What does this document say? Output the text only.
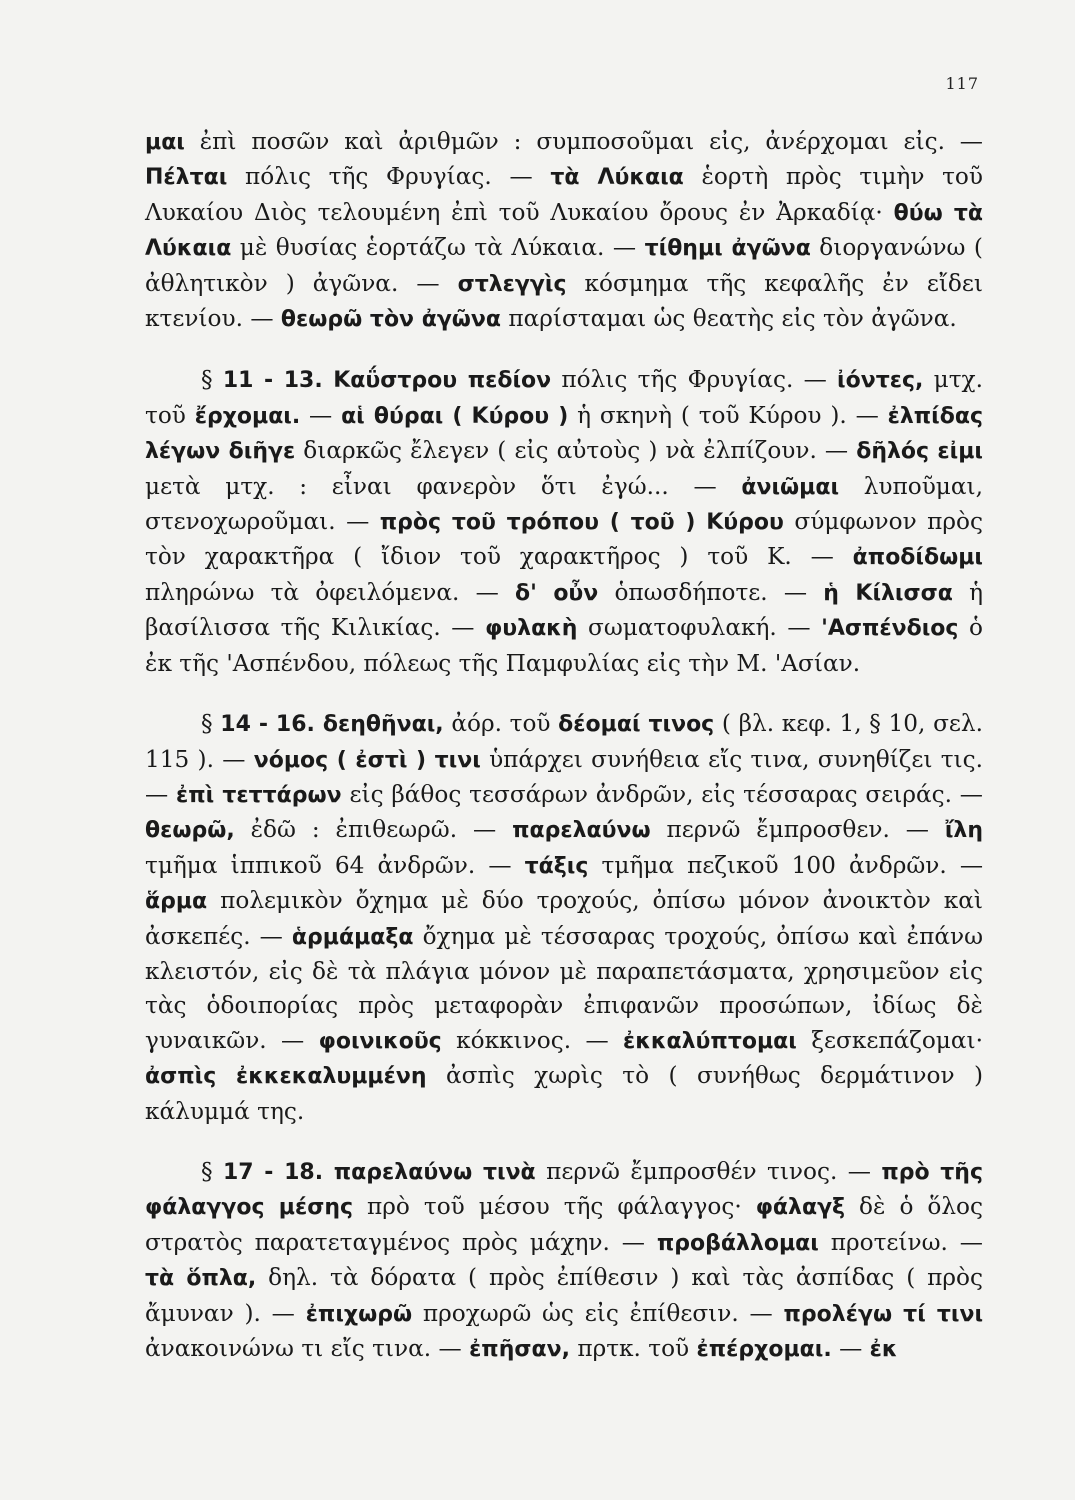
117

μαι ἐπὶ ποσῶν καὶ ἀριθμῶν : συμποσοῦμαι εἰς, ἀνέρχομαι εἰς. — Πέλται πόλις τῆς Φρυγίας. — τὰ Λύκαια ἑορτὴ πρὸς τιμὴν τοῦ Λυκαίου Διὸς τελουμένη ἐπὶ τοῦ Λυκαίου ὄρους ἐν Ἀρκαδίᾳ· θύω τὰ Λύκαια μὲ θυσίας ἑορτάζω τὰ Λύκαια. — τίθημι ἀγῶνα διοργανώνω ( ἀθλητικὸν ) ἀγῶνα. — στλεγγὶς κόσμημα τῆς κεφαλῆς ἐν εἴδει κτενίου. — θεωρῶ τὸν ἀγῶνα παρίσταμαι ὡς θεατὴς εἰς τὸν ἀγῶνα.

§ 11 - 13. Καΰστρου πεδίον πόλις τῆς Φρυγίας. — ἰόντες, μτχ. τοῦ ἔρχομαι. — αἱ θύραι ( Κύρου ) ἡ σκηνὴ ( τοῦ Κύρου ). — ἐλπίδας λέγων διῆγε διαρκῶς ἔλεγεν ( εἰς αὐτοὺς ) νὰ ἐλπίζουν. — δῆλός εἰμι μετὰ μτχ. : εἶναι φανερὸν ὅτι ἐγώ... — ἀνιῶμαι λυποῦμαι, στενοχωροῦμαι. — πρὸς τοῦ τρόπου ( τοῦ ) Κύρου σύμφωνον πρὸς τὸν χαρακτῆρα ( ἴδιον τοῦ χαρακτῆρος ) τοῦ Κ. — ἀποδίδωμι πληρώνω τὰ ὀφειλόμενα. — δ' οὖν ὁπωσδήποτε. — ἡ Κίλισσα ἡ βασίλισσα τῆς Κιλικίας. — φυλακὴ σωματοφυλακή. — 'Ασπένδιος ὁ ἐκ τῆς 'Ασπένδου, πόλεως τῆς Παμφυλίας εἰς τὴν Μ. 'Ασίαν.

§ 14 - 16. δεηθῆναι, ἀόρ. τοῦ δέομαί τινος ( βλ. κεφ. 1, § 10, σελ. 115 ). — νόμος ( ἐστὶ ) τινι ὑπάρχει συνήθεια εἴς τινα, συνηθίζει τις. — ἐπὶ τεττάρων εἰς βάθος τεσσάρων ἀνδρῶν, εἰς τέσσαρας σειράς. — θεωρῶ, ἐδῶ : ἐπιθεωρῶ. — παρελαύνω περνῶ ἔμπροσθεν. — ἴλη τμῆμα ἱππικοῦ 64 ἀνδρῶν. — τάξις τμῆμα πεζικοῦ 100 ἀνδρῶν. — ἅρμα πολεμικὸν ὄχημα μὲ δύο τροχούς, ὀπίσω μόνον ἀνοικτὸν καὶ ἀσκεπές. — ἁρμάμαξα ὄχημα μὲ τέσσαρας τροχούς, ὀπίσω καὶ ἐπάνω κλειστόν, εἰς δὲ τὰ πλάγια μόνον μὲ παραπετάσματα, χρησιμεῦον εἰς τὰς ὁδοιπορίας πρὸς μεταφορὰν ἐπιφανῶν προσώπων, ἰδίως δὲ γυναικῶν. — φοινικοῦς κόκκινος. — ἐκκαλύπτομαι ξεσκεπάζομαι· ἀσπὶς ἐκκεκαλυμμένη ἀσπὶς χωρὶς τὸ ( συνήθως δερμάτινον ) κάλυμμά της.

§ 17 - 18. παρελαύνω τινὰ περνῶ ἔμπροσθέν τινος. — πρὸ τῆς φάλαγγος μέσης πρὸ τοῦ μέσου τῆς φάλαγγος· φάλαγξ δὲ ὁ ὅλος στρατὸς παρατεταγμένος πρὸς μάχην. — προβάλλομαι προτείνω. — τὰ ὅπλα, δηλ. τὰ δόρατα ( πρὸς ἐπίθεσιν ) καὶ τὰς ἀσπίδας ( πρὸς ἄμυναν ). — ἐπιχωρῶ προχωρῶ ὡς εἰς ἐπίθεσιν. — προλέγω τί τινι ἀνακοινώνω τι εἴς τινα. — ἐπῆσαν, πρτκ. τοῦ ἐπέρχομαι. — ἐκ
